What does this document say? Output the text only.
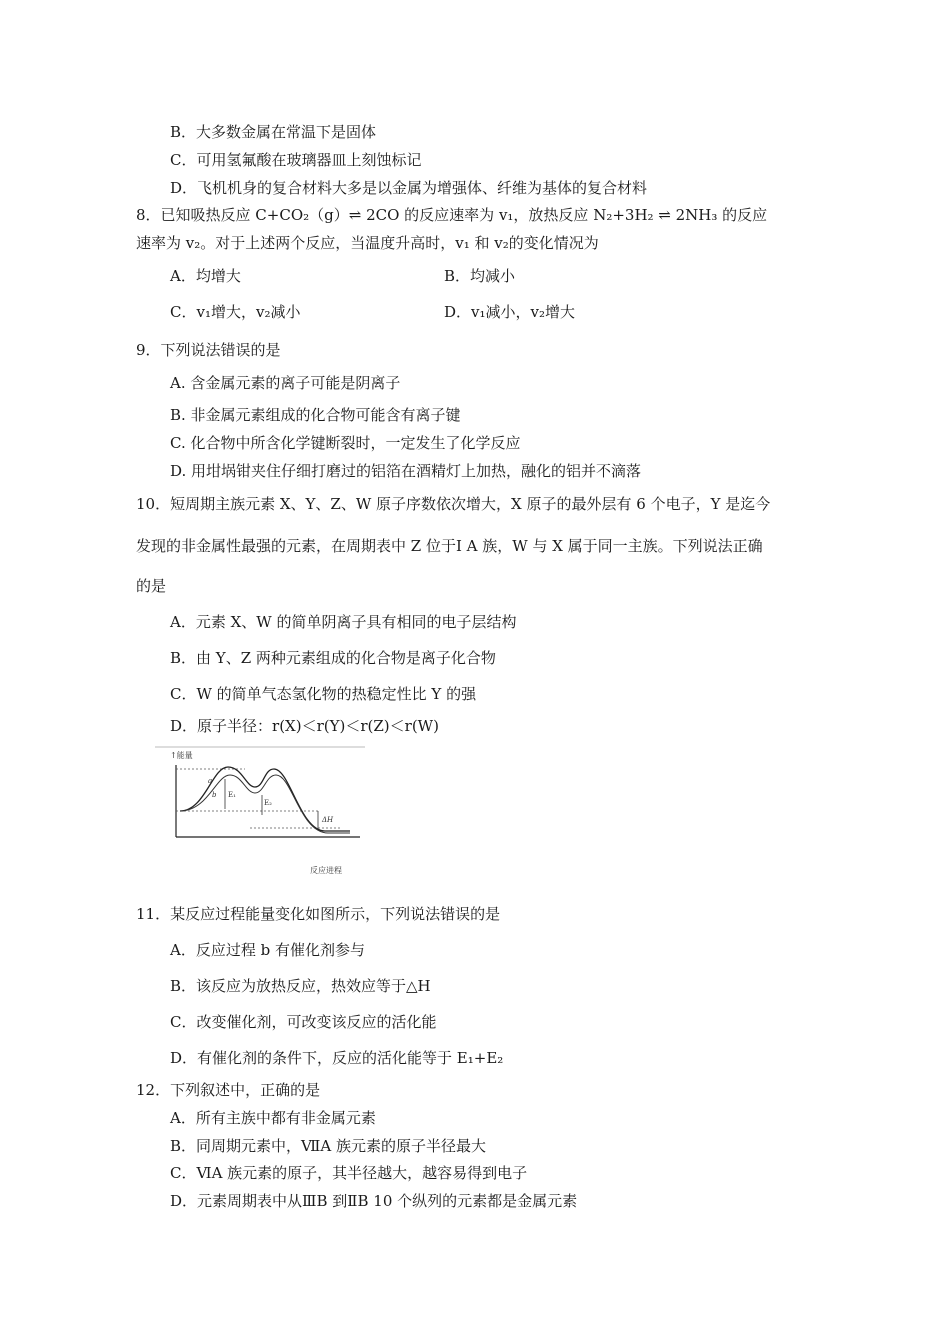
B．大多数金属在常温下是固体
C．可用氢氟酸在玻璃器皿上刻蚀标记
D．飞机机身的复合材料大多是以金属为增强体、纤维为基体的复合材料
8．已知吸热反应 C+CO₂（g）⇌ 2CO 的反应速率为 v₁，放热反应 N₂+3H₂ ⇌ 2NH₃ 的反应
速率为 v₂。对于上述两个反应，当温度升高时，v₁ 和 v₂的变化情况为
A．均增大	B．均减小
C．v₁增大，v₂减小	D．v₁减小，v₂增大
9．下列说法错误的是
A. 含金属元素的离子可能是阴离子
B. 非金属元素组成的化合物可能含有离子键
C. 化合物中所含化学键断裂时，一定发生了化学反应
D. 用坩埚钳夹住仔细打磨过的铝箔在酒精灯上加热，融化的铝并不滴落
10．短周期主族元素 X、Y、Z、W 原子序数依次增大，X 原子的最外层有 6 个电子，Y 是迄今
发现的非金属性最强的元素，在周期表中 Z 位于Ⅰ A 族，W 与 X 属于同一主族。下列说法正确
的是
A．元素 X、W 的简单阴离子具有相同的电子层结构
B．由 Y、Z 两种元素组成的化合物是离子化合物
C．W 的简单气态氢化物的热稳定性比 Y 的强
D．原子半径：r(X)＜r(Y)＜r(Z)＜r(W)
↑能量
反应进程
a
b E₁
E₂
ΔH
11．某反应过程能量变化如图所示，下列说法错误的是
A．反应过程 b 有催化剂参与
B．该反应为放热反应，热效应等于△H
C．改变催化剂，可改变该反应的活化能
D．有催化剂的条件下，反应的活化能等于 E₁+E₂
12．下列叙述中，正确的是
A．所有主族中都有非金属元素
B．同周期元素中，ⅦA 族元素的原子半径最大
C．ⅥA 族元素的原子，其半径越大，越容易得到电子
D．元素周期表中从ⅢB 到ⅡB 10 个纵列的元素都是金属元素
